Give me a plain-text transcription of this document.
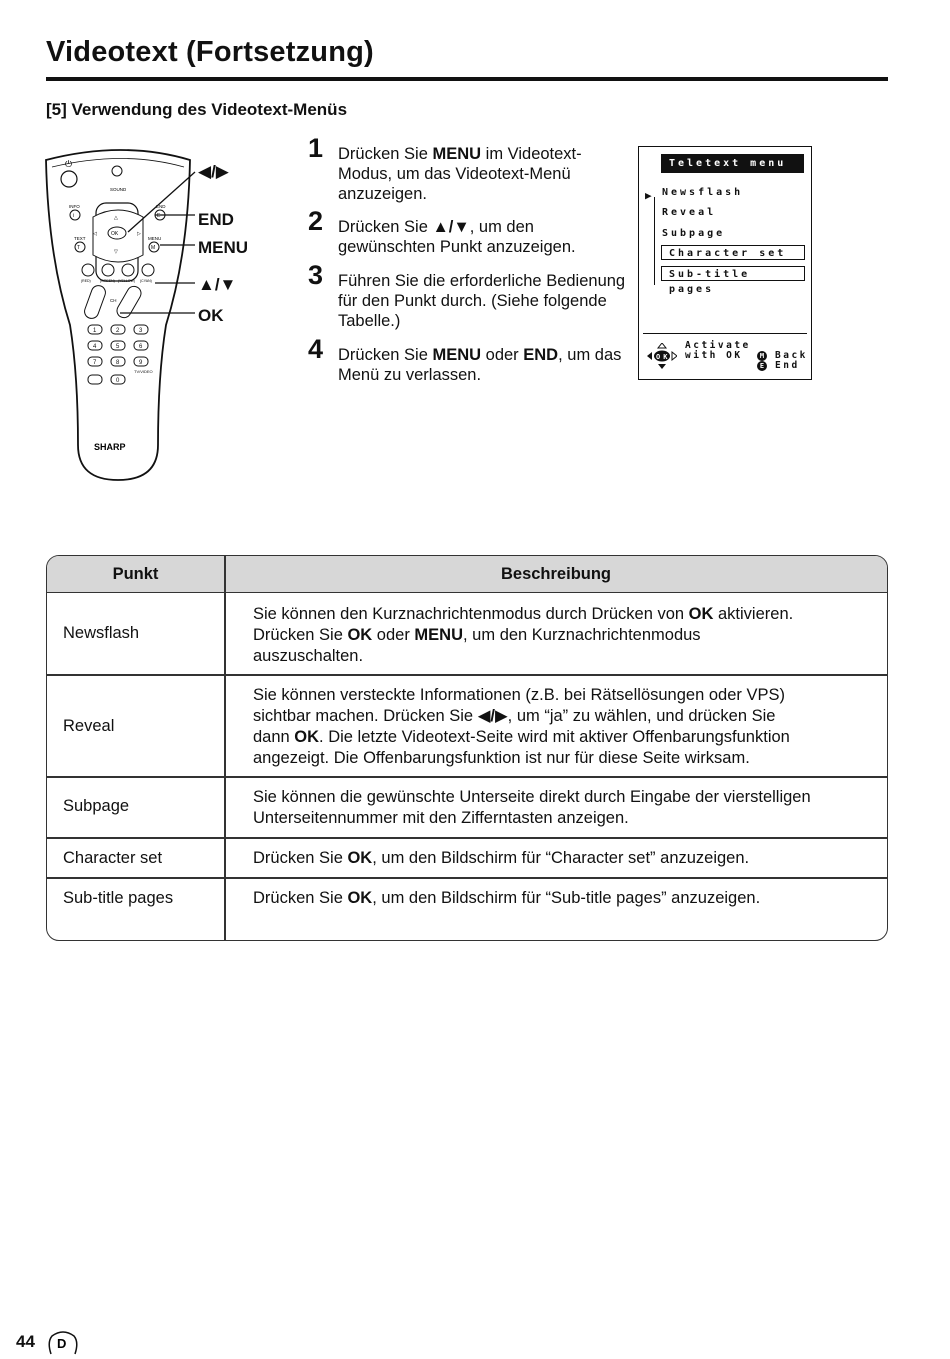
Videotext (Fortsetzung)
[5] Verwendung des Videotext-Menüs
⏻
SOUND
INFO
i
END
E
OK
◁	▷
△
▽
TEXT
T
MENU
M
(RED)	(GREEN) (YELLOW) (CYAN)
CH
1	2	3
4	5	6
7	8	9
TV/VIDEO
0
SHARP
◀/▶
END
MENU
▲/▼
OK
1 Drücken Sie MENU im Videotext-Modus, um das Videotext-Menü anzuzeigen.
2 Drücken Sie ▲/▼, um den gewünschten Punkt anzuzeigen.
3 Führen Sie die erforderliche Bedienung für den Punkt durch. (Siehe folgende Tabelle.)
4 Drücken Sie MENU oder END, um das Menü zu verlassen.
Teletext menu
▶ Newsflash
Reveal
Subpage
Character set
Sub-title pages
OK
Activate
with OK	M	Back
E	End
Punkt	Beschreibung
Newsflash
Sie können den Kurznachrichtenmodus durch Drücken von OK aktivieren.
Drücken Sie OK oder MENU, um den Kurznachrichtenmodus
auszuschalten.
Reveal
Sie können versteckte Informationen (z.B. bei Rätsellösungen oder VPS)
sichtbar machen. Drücken Sie ◀/▶, um “ja” zu wählen, und drücken Sie
dann OK. Die letzte Videotext-Seite wird mit aktiver Offenbarungsfunktion
angezeigt. Die Offenbarungsfunktion ist nur für diese Seite wirksam.
Subpage	Sie können die gewünschte Unterseite direkt durch Eingabe der vierstelligen
Unterseitennummer mit den Zifferntasten anzeigen.
Character set	Drücken Sie OK, um den Bildschirm für “Character set” anzuzeigen.
Sub-title pages	Drücken Sie OK, um den Bildschirm für “Sub-title pages” anzuzeigen.
44 D
